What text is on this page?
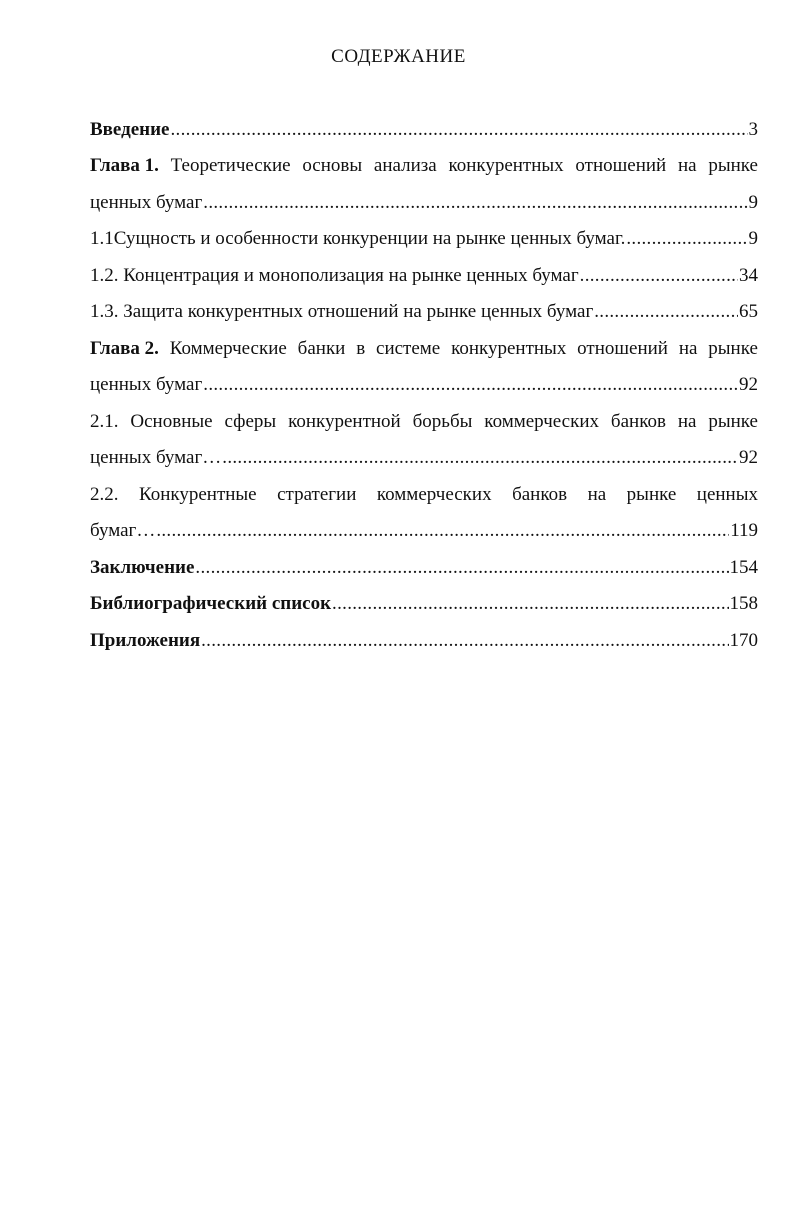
СОДЕРЖАНИЕ
Введение .....	3
Глава 1. Теоретические основы анализа конкурентных отношений на рынке
ценных бумаг .....	9
1.1Сущность и особенности конкуренции на рынке ценных бумаг. .....	9
1.2. Концентрация и монополизация на рынке ценных бумаг .....	34
1.3. Защита конкурентных отношений на рынке ценных бумаг .....	65
Глава 2. Коммерческие банки в системе конкурентных отношений на рынке
ценных бумаг .....	92
2.1. Основные сферы конкурентной борьбы коммерческих банков на рынке
ценных бумаг… .....	92
2.2. Конкурентные стратегии коммерческих банков на рынке ценных
бумаг… .....	119
Заключение .....	154
Библиографический список .....	158
Приложения .....	170
